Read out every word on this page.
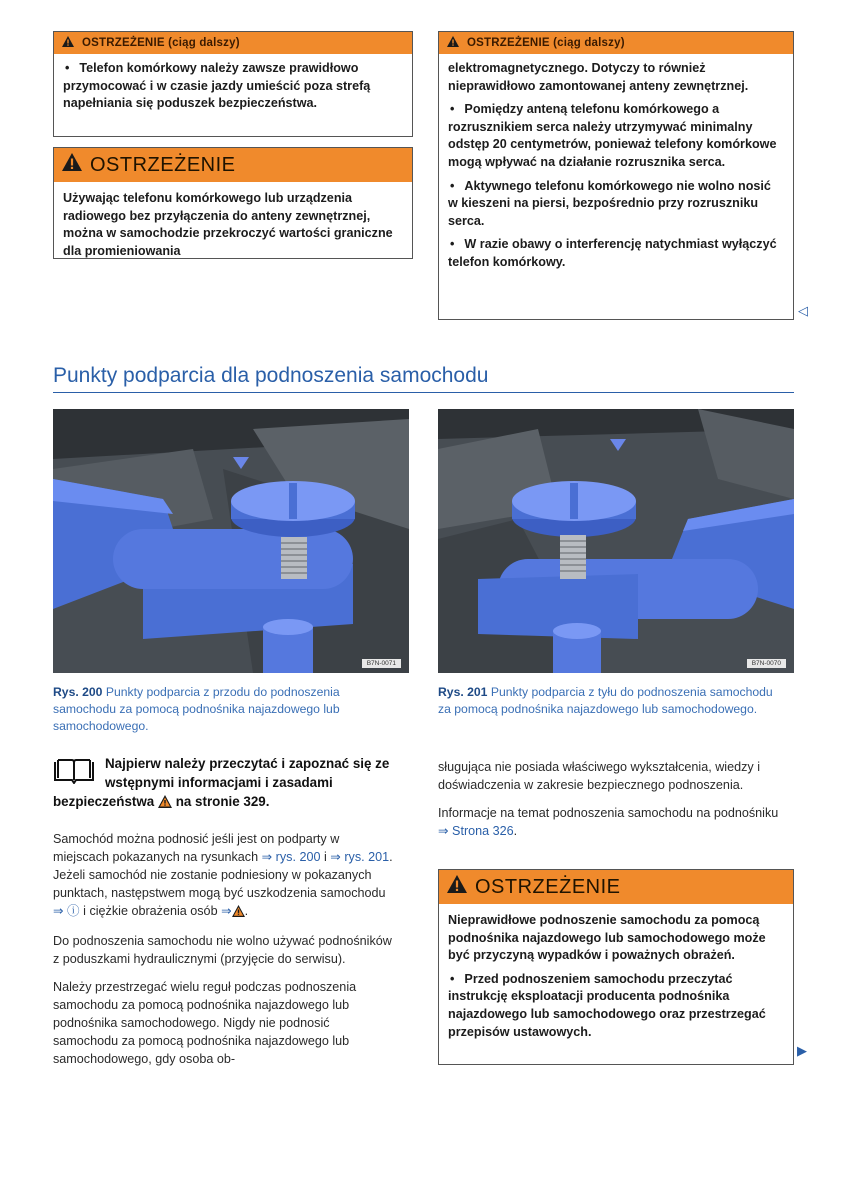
OSTRZEŻENIE (ciąg dalszy)

• Telefon komórkowy należy zawsze prawidłowo przymocować i w czasie jazdy umieścić poza strefą napełniania się poduszek bezpieczeństwa.

OSTRZEŻENIE

Używając telefonu komórkowego lub urządzenia radiowego bez przyłączenia do anteny zewnętrznej, można w samochodzie przekroczyć wartości graniczne dla promieniowania

OSTRZEŻENIE (ciąg dalszy)

elektromagnetycznego. Dotyczy to również nieprawidłowo zamontowanej anteny zewnętrznej.

• Pomiędzy anteną telefonu komórkowego a rozrusznikiem serca należy utrzymywać minimalny odstęp 20 centymetrów, ponieważ telefony komórkowe mogą wpływać na działanie rozrusznika serca.

• Aktywnego telefonu komórkowego nie wolno nosić w kieszeni na piersi, bezpośrednio przy rozruszniku serca.

• W razie obawy o interferencję natychmiast wyłączyć telefon komórkowy.

◁
Punkty podparcia dla podnoszenia samochodu
B7N-0071	B7N-0070
Rys. 200 Punkty podparcia z przodu do podnoszenia samochodu za pomocą podnośnika najazdowego lub samochodowego.
Rys. 201 Punkty podparcia z tyłu do podnoszenia samochodu za pomocą podnośnika najazdowego lub samochodowego.
Najpierw należy przeczytać i zapoznać się ze wstępnymi informacjami i zasadami bezpieczeństwa na stronie 329.

Samochód można podnosić jeśli jest on podparty w miejscach pokazanych na rysunkach ⇒ rys. 200 i ⇒ rys. 201. Jeżeli samochód nie zostanie podniesiony w pokazanych punktach, następstwem mogą być uszkodzenia samochodu ⇒ ⓘ i ciężkie obrażenia osób ⇒ .

Do podnoszenia samochodu nie wolno używać podnośników z poduszkami hydraulicznymi (przyjęcie do serwisu).

Należy przestrzegać wielu reguł podczas podnoszenia samochodu za pomocą podnośnika najazdowego lub podnośnika samochodowego. Nigdy nie podnosić samochodu za pomocą podnośnika najazdowego lub samochodowego, gdy osoba ob-

sługująca nie posiada właściwego wykształcenia, wiedzy i doświadczenia w zakresie bezpiecznego podnoszenia.

Informacje na temat podnoszenia samochodu na podnośniku ⇒ Strona 326.

OSTRZEŻENIE

Nieprawidłowe podnoszenie samochodu za pomocą podnośnika najazdowego lub samochodowego może być przyczyną wypadków i poważnych obrażeń.

• Przed podnoszeniem samochodu przeczytać instrukcję eksploatacji producenta podnośnika najazdowego lub samochodowego oraz przestrzegać przepisów ustawowych.

▶
